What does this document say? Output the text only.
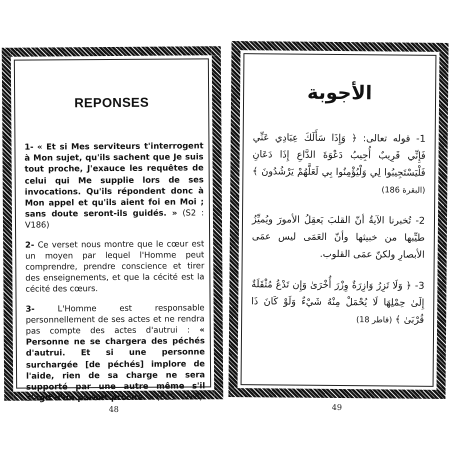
REPONSES

1- « Et si Mes serviteurs t'interrogent à Mon sujet, qu'ils sachent que Je suis tout proche, J'exauce les requêtes de celui qui Me supplie lors de ses invocations. Qu'ils répondent donc à Mon appel et qu'ils aient foi en Moi ; sans doute seront-ils guidés. » (S2 : V186)

2- Ce verset nous montre que le cœur est un moyen par lequel l'Homme peut comprendre, prendre conscience et tirer des enseignements, et que la cécité est la cécité des cœurs.

3-	L'Homme est responsable personnellement de ses actes et ne rendra pas compte des actes d'autrui : « Personne ne se chargera des péchés d'autrui. Et si une personne surchargée [de péchés] implore de l'aide, rien de sa charge ne sera supporté par une autre même s'il s'agit d'un parent proche. » (S35 : V18)

48
الأجوبة

1- قوله تعالى: ﴿ وَإِذَا سَأَلَكَ عِبَادِي عَنِّي فَإِنِّي قَرِيبٌ أُجِيبُ دَعْوَةَ الدَّاعِ إِذَا دَعَانِ فَلْيَسْتَجِيبُوا لِي وَلْيُؤْمِنُوا بِي لَعَلَّهُمْ يَرْشُدُونَ ﴾ (البقرة 186)

2- تُخبرنا الآيةُ أنّ القلبَ يَعقِلُ الأمورَ ويُميِّزُ طيِّبها من خبيثها وأنّ العَمَى ليس عمَى الأبصارِ ولكنّ عمَى القلوب.

3- ﴿ وَلَا تَزِرُ وَازِرَةٌ وِزْرَ أُخْرَىٰ وَإِن تَدْعُ مُثْقَلَةٌ إِلَىٰ حِمْلِهَا لَا يُحْمَلْ مِنْهُ شَيْءٌ وَلَوْ كَانَ ذَا قُرْبَىٰ ﴾ (فاطر 18)

49
